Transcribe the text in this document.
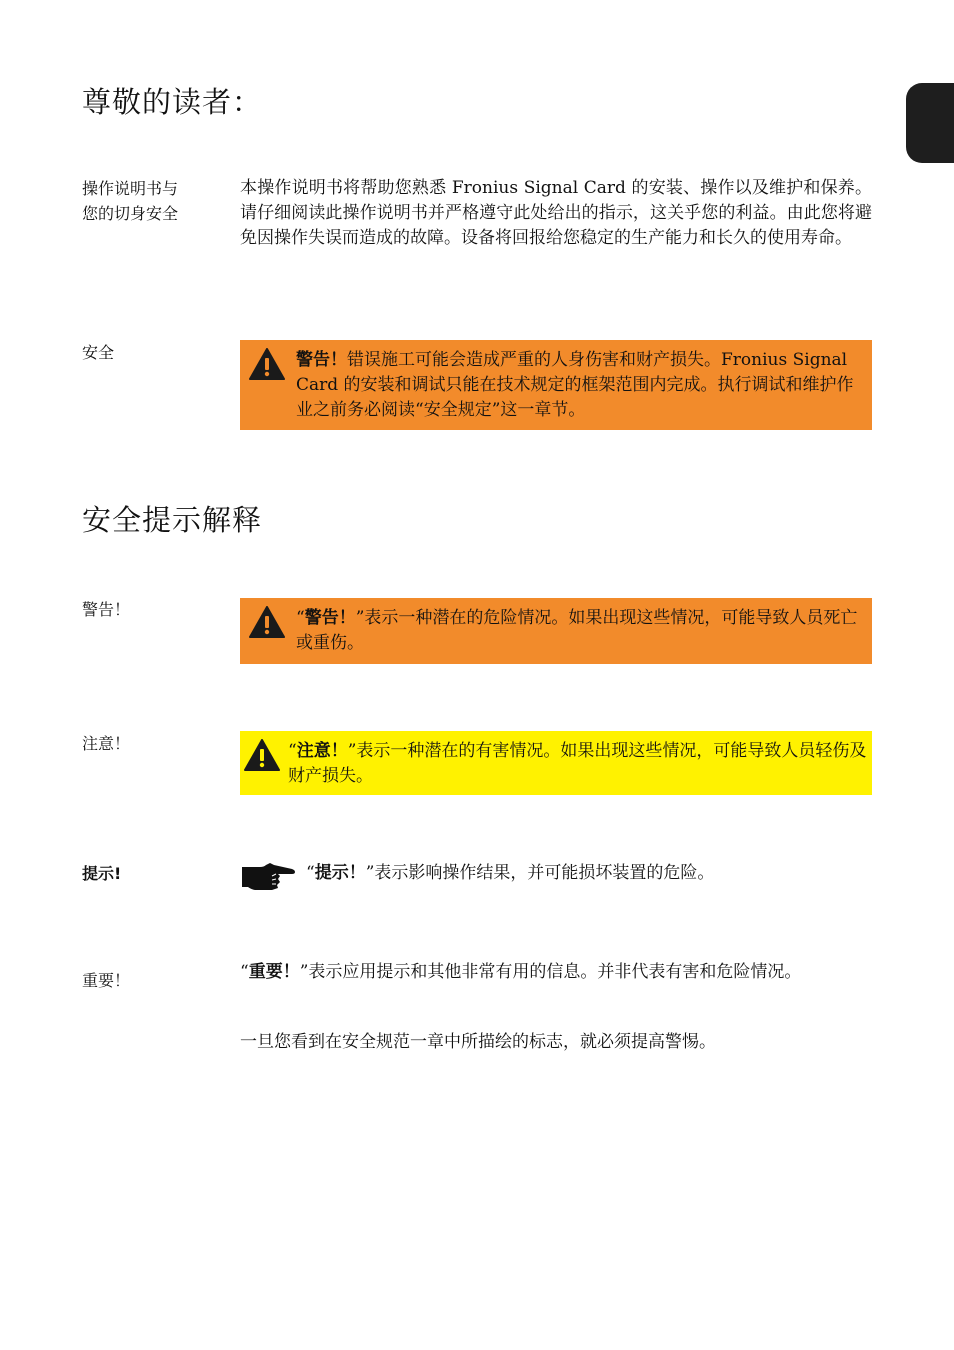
尊敬的读者：
操作说明书与
您的切身安全
本操作说明书将帮助您熟悉 Fronius Signal Card 的安装、操作以及维护和保养。请仔细阅读此操作说明书并严格遵守此处给出的指示，这关乎您的利益。由此您将避免因操作失误而造成的故障。设备将回报给您稳定的生产能力和长久的使用寿命。
安全	警告！错误施工可能会造成严重的人身伤害和财产损失。Fronius Signal Card 的安装和调试只能在技术规定的框架范围内完成。执行调试和维护作业之前务必阅读“安全规定”这一章节。
安全提示解释
警告！	“警告！”表示一种潜在的危险情况。如果出现这些情况，可能导致人员死亡或重伤。
注意！	“注意！”表示一种潜在的有害情况。如果出现这些情况，可能导致人员轻伤及财产损失。
提示!	“提示！”表示影响操作结果，并可能损坏装置的危险。
重要！	“重要！”表示应用提示和其他非常有用的信息。并非代表有害和危险情况。
一旦您看到在安全规范一章中所描绘的标志，就必须提高警惕。
